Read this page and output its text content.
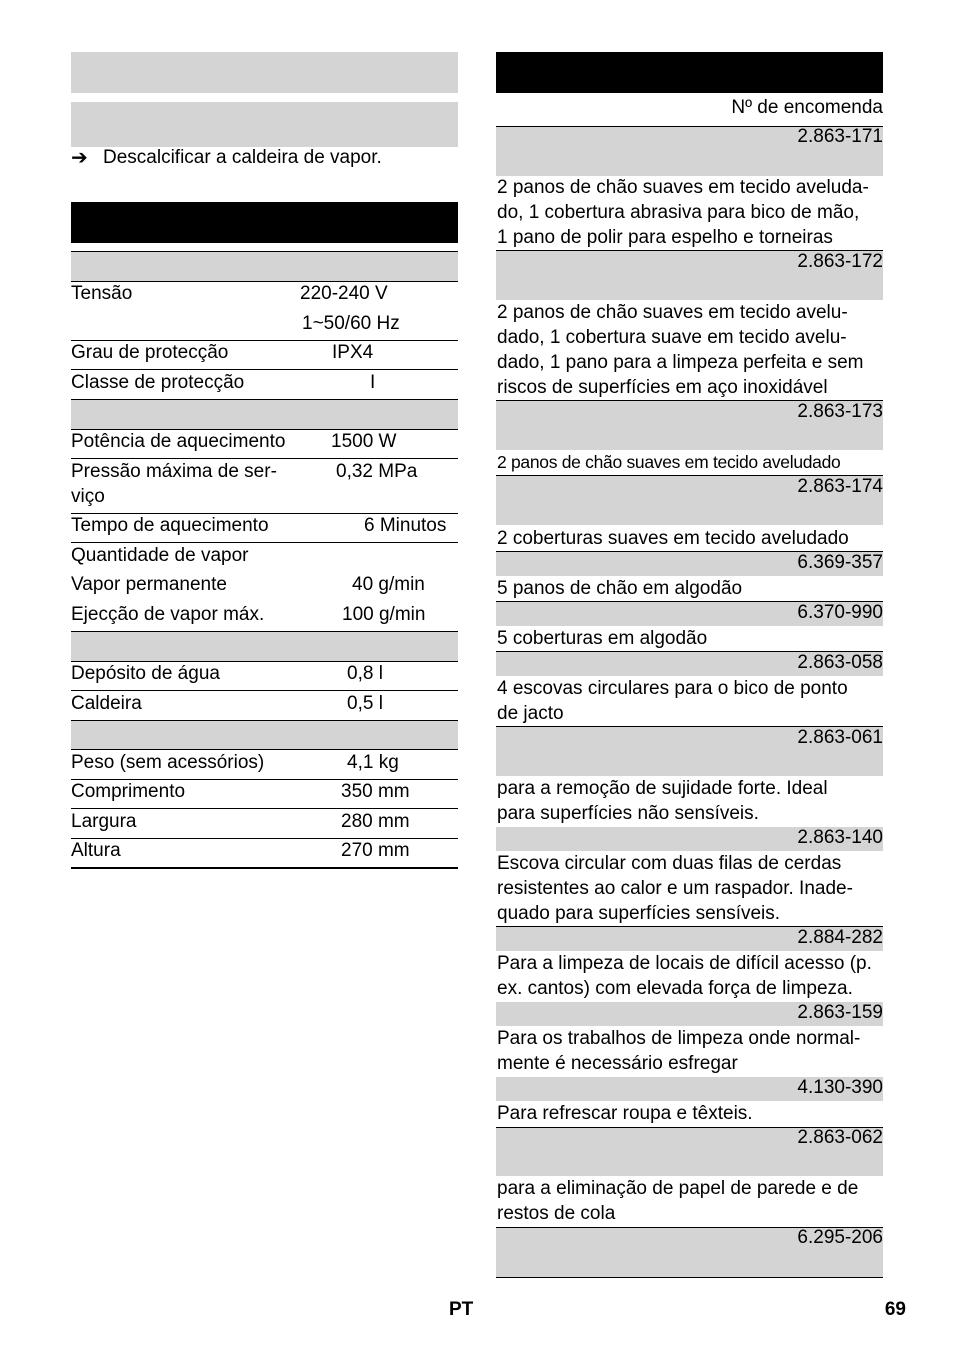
➔ Descalcificar a caldeira de vapor.
Tensão	220-240 V
1~50/60 Hz
Grau de protecção	IPX4
Classe de protecção	I
Potência de aquecimento 1500 W
Pressão máxima de ser-
viço
0,32 MPa
Tempo de aquecimento	6 Minutos
Quantidade de vapor
Vapor permanente	40 g/min
Ejecção de vapor máx.	100 g/min
Depósito de água	0,8 l
Caldeira	0,5 l
Peso (sem acessórios)	4,1 kg
Comprimento	350 mm
Largura	280 mm
Altura	270 mm
Nº de encomenda
2.863-171
2 panos de chão suaves em tecido aveluda-
do, 1 cobertura abrasiva para bico de mão,
1 pano de polir para espelho e torneiras
2.863-172
2 panos de chão suaves em tecido avelu-
dado, 1 cobertura suave em tecido avelu-
dado, 1 pano para a limpeza perfeita e sem
riscos de superfícies em aço inoxidável
2.863-173
2 panos de chão suaves em tecido aveludado
2.863-174
2 coberturas suaves em tecido aveludado
6.369-357
5 panos de chão em algodão
6.370-990
5 coberturas em algodão
2.863-058
4 escovas circulares para o bico de ponto
de jacto
2.863-061
para a remoção de sujidade forte. Ideal
para superfícies não sensíveis.
2.863-140
Escova circular com duas filas de cerdas
resistentes ao calor e um raspador. Inade-
quado para superfícies sensíveis.
2.884-282
Para a limpeza de locais de difícil acesso (p.
ex. cantos) com elevada força de limpeza.
2.863-159
Para os trabalhos de limpeza onde normal-
mente é necessário esfregar
4.130-390
Para refrescar roupa e têxteis.
2.863-062
para a eliminação de papel de parede e de
restos de cola
6.295-206
PT	69
